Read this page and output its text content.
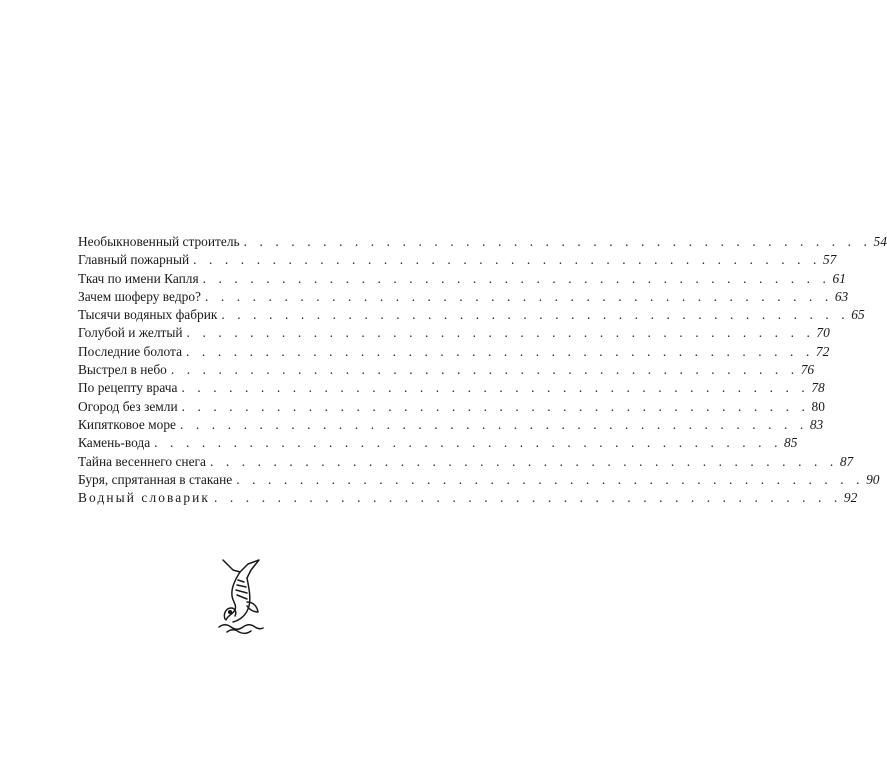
Необыкновенный строитель . . . . . . . . . . . . . . . . . . . . . . . . . . . . . . . . . . . . . . . . 54
Главный пожарный . . . . . . . . . . . . . . . . . . . . . . . . . . . . . . . . . . . . . . . . 57
Ткач по имени Капля . . . . . . . . . . . . . . . . . . . . . . . . . . . . . . . . . . . . . . . . 61
Зачем шоферу ведро? . . . . . . . . . . . . . . . . . . . . . . . . . . . . . . . . . . . . . . . . 63
Тысячи водяных фабрик . . . . . . . . . . . . . . . . . . . . . . . . . . . . . . . . . . . . . . . . 65
Голубой и желтый . . . . . . . . . . . . . . . . . . . . . . . . . . . . . . . . . . . . . . . . 70
Последние болота . . . . . . . . . . . . . . . . . . . . . . . . . . . . . . . . . . . . . . . . 72
Выстрел в небо . . . . . . . . . . . . . . . . . . . . . . . . . . . . . . . . . . . . . . . . 76
По рецепту врача . . . . . . . . . . . . . . . . . . . . . . . . . . . . . . . . . . . . . . . . 78
Огород без земли . . . . . . . . . . . . . . . . . . . . . . . . . . . . . . . . . . . . . . . . 80
Кипятковое море . . . . . . . . . . . . . . . . . . . . . . . . . . . . . . . . . . . . . . . . 83
Камень-вода . . . . . . . . . . . . . . . . . . . . . . . . . . . . . . . . . . . . . . . . 85
Тайна весеннего снега . . . . . . . . . . . . . . . . . . . . . . . . . . . . . . . . . . . . . . . . 87
Буря, спрятанная в стакане . . . . . . . . . . . . . . . . . . . . . . . . . . . . . . . . . . . . . . . . 90
Водный словарик . . . . . . . . . . . . . . . . . . . . . . . . . . . . . . . . . . . . . . . . 92
